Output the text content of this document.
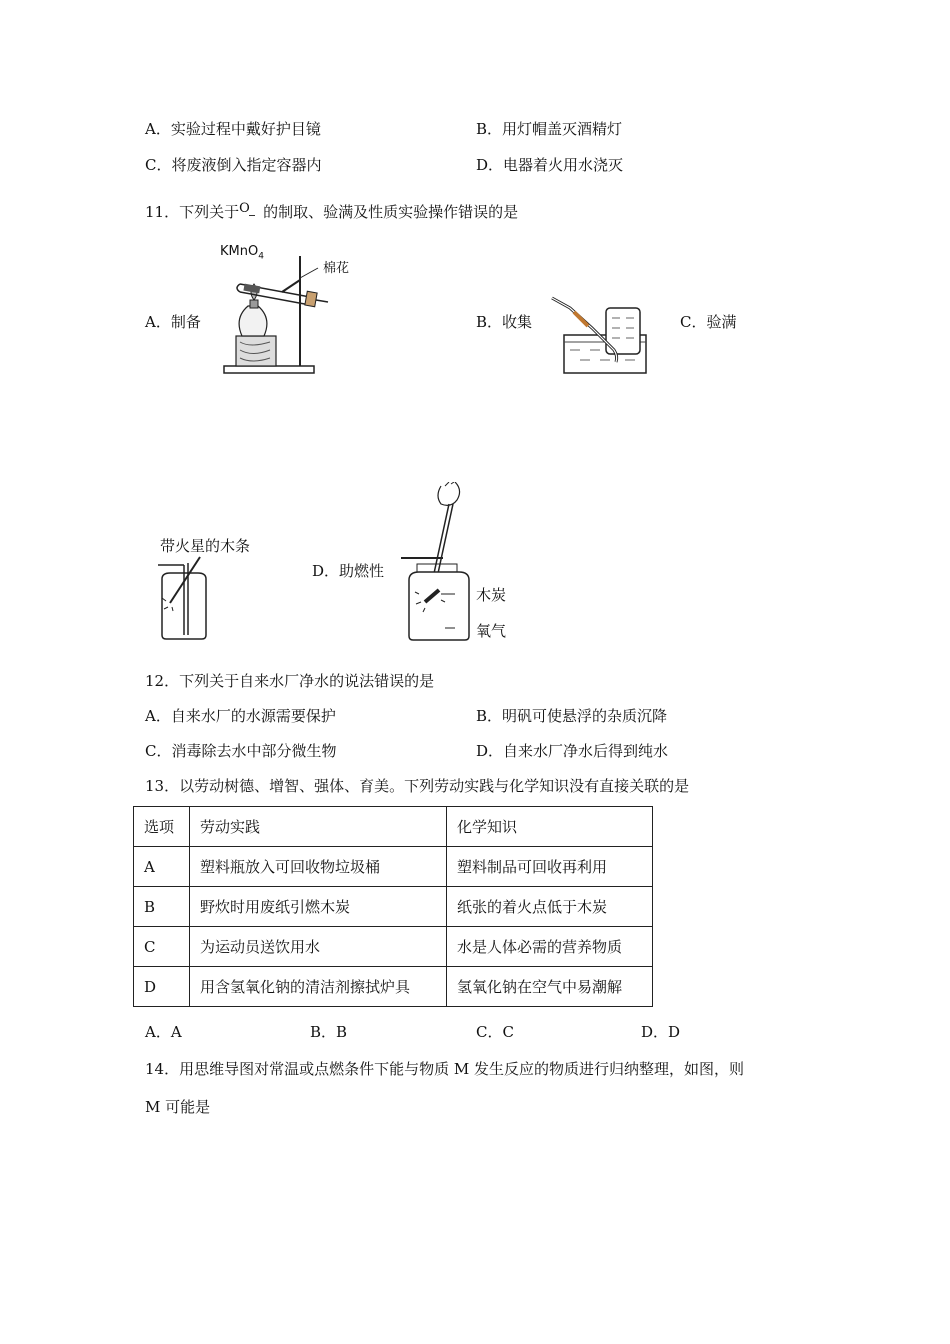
A．实验过程中戴好护目镜	B．用灯帽盖灭酒精灯
C．将废液倒入指定容器内	D．电器着火用水浇灭
11．下列关于 O 的制取、验满及性质实验操作错误的是
A．制备
KMnO$_4$
棉花
B．收集	C．验满
带火星的木条
D．助燃性
木炭
氧气
12．下列关于自来水厂净水的说法错误的是
A．自来水厂的水源需要保护	B．明矾可使悬浮的杂质沉降
C．消毒除去水中部分微生物	D．自来水厂净水后得到纯水
13．以劳动树德、增智、强体、育美。下列劳动实践与化学知识没有直接关联的是
选项	劳动实践	化学知识
A	塑料瓶放入可回收物垃圾桶	塑料制品可回收再利用
B	野炊时用废纸引燃木炭	纸张的着火点低于木炭
C	为运动员送饮用水	水是人体必需的营养物质
D	用含氢氧化钠的清洁剂擦拭炉具	氢氧化钠在空气中易潮解
A．A	B．B	C．C	D．D
14．用思维导图对常温或点燃条件下能与物质 M 发生反应的物质进行归纳整理，如图，则
M 可能是
